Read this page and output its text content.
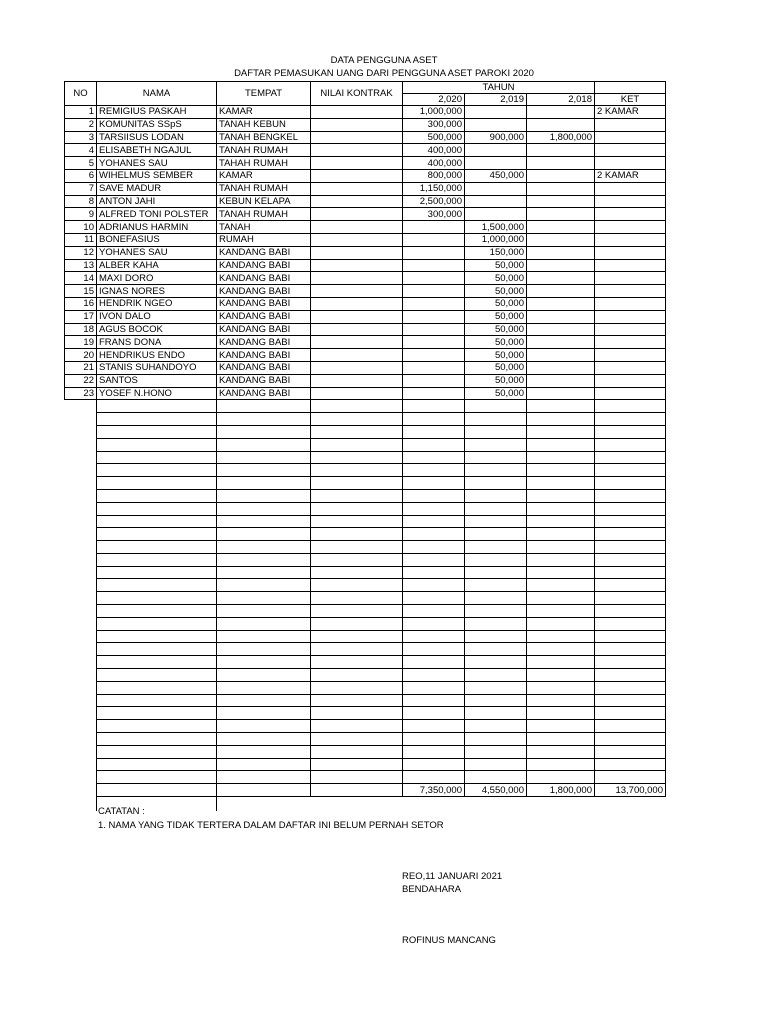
DATA PENGGUNA ASET
DAFTAR PEMASUKAN UANG DARI PENGGUNA ASET PAROKI 2020
NO	NAMA	TEMPAT	NILAI KONTRAK	TAHUN			
				2,020	2,019	2,018	KET
1	REMIGIUS PASKAH	KAMAR		1,000,000			2 KAMAR
2	KOMUNITAS SSpS	TANAH KEBUN		300,000			
3	TARSIISUS LODAN	TANAH BENGKEL		500,000	900,000	1,800,000	
4	ELISABETH NGAJUL	TANAH RUMAH		400,000			
5	YOHANES SAU	TAHAH RUMAH		400,000			
6	WIHELMUS SEMBER	KAMAR		800,000	450,000		2 KAMAR
7	SAVE MADUR	TANAH RUMAH		1,150,000			
8	ANTON JAHI	KEBUN KELAPA		2,500,000			
9	ALFRED TONI POLSTER	TANAH RUMAH		300,000			
10	ADRIANUS HARMIN	TANAH			1,500,000		
11	BONEFASIUS	RUMAH			1,000,000		
12	YOHANES SAU	KANDANG BABI			150,000		
13	ALBER KAHA	KANDANG BABI			50,000		
14	MAXI DORO	KANDANG BABI			50,000		
15	IGNAS NORES	KANDANG BABI			50,000		
16	HENDRIK NGEO	KANDANG BABI			50,000		
17	IVON DALO	KANDANG BABI			50,000		
18	AGUS BOCOK	KANDANG BABI			50,000		
19	FRANS DONA	KANDANG BABI			50,000		
20	HENDRIKUS ENDO	KANDANG BABI			50,000		
21	STANIS SUHANDOYO	KANDANG BABI			50,000		
22	SANTOS	KANDANG BABI			50,000		
23	YOSEF N.HONO	KANDANG BABI			50,000		

				7,350,000	4,550,000	1,800,000	13,700,000

CATATAN :
1. NAMA YANG TIDAK TERTERA DALAM DAFTAR INI BELUM PERNAH SETOR
REO,11 JANUARI 2021
BENDAHARA
ROFINUS MANCANG
